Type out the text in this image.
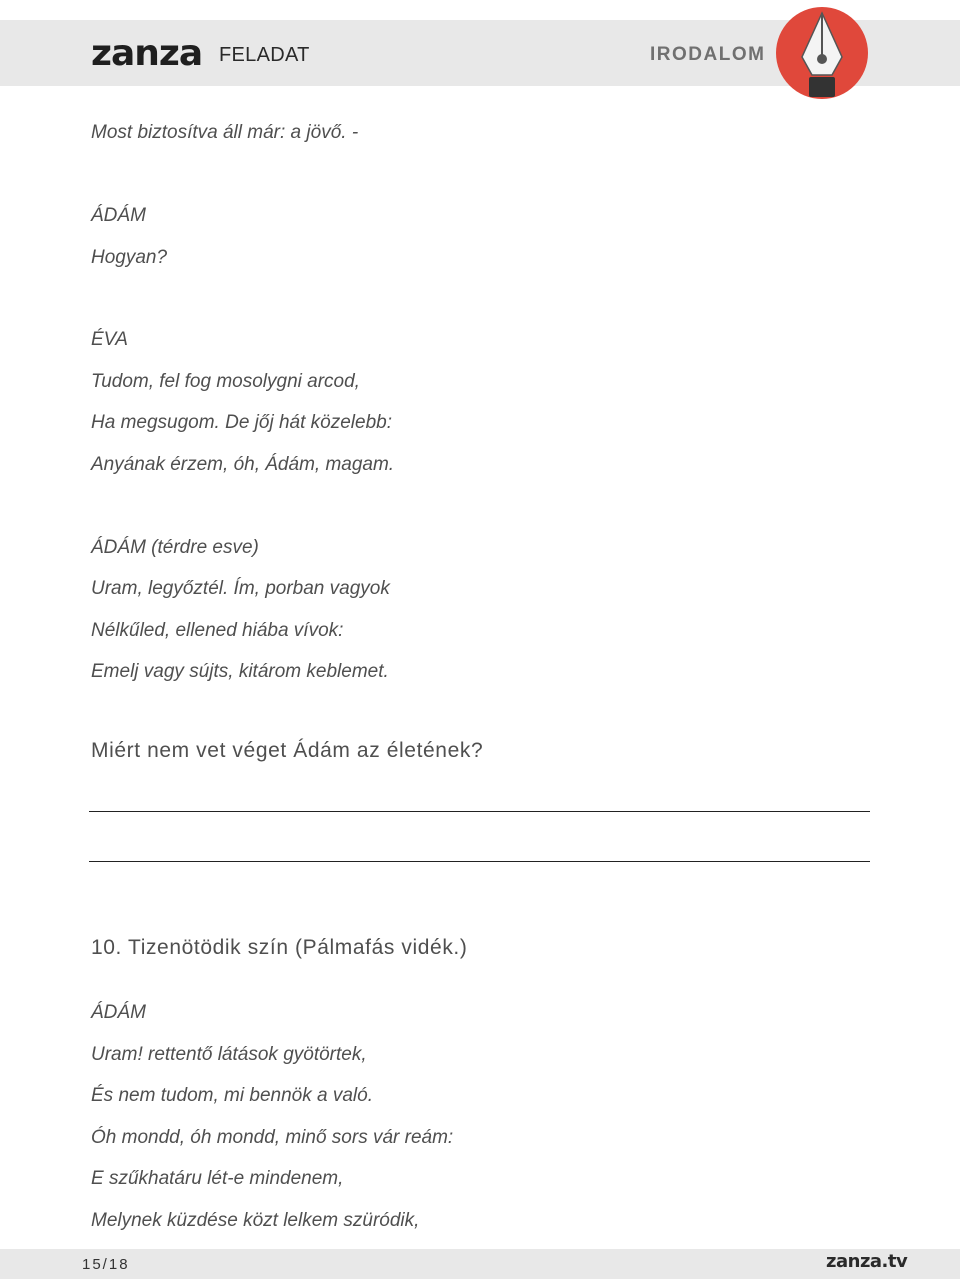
zanza FELADAT	IRODALOM
Most biztosítva áll már: a jövő. -
ÁDÁM
Hogyan?
ÉVA
Tudom, fel fog mosolygni arcod,
Ha megsugom. De jőj hát közelebb:
Anyának érzem, óh, Ádám, magam.
ÁDÁM (térdre esve)
Uram, legyőztél. Ím, porban vagyok
Nélkűled, ellened hiába vívok:
Emelj vagy sújts, kitárom keblemet.
Miért nem vet véget Ádám az életének?
10. Tizenötödik szín (Pálmafás vidék.)
ÁDÁM
Uram! rettentő látások gyötörtek,
És nem tudom, mi bennök a való.
Óh mondd, óh mondd, minő sors vár reám:
E szűkhatáru lét-e mindenem,
Melynek küzdése közt lelkem szüródik,
15/18	zanza.tv
